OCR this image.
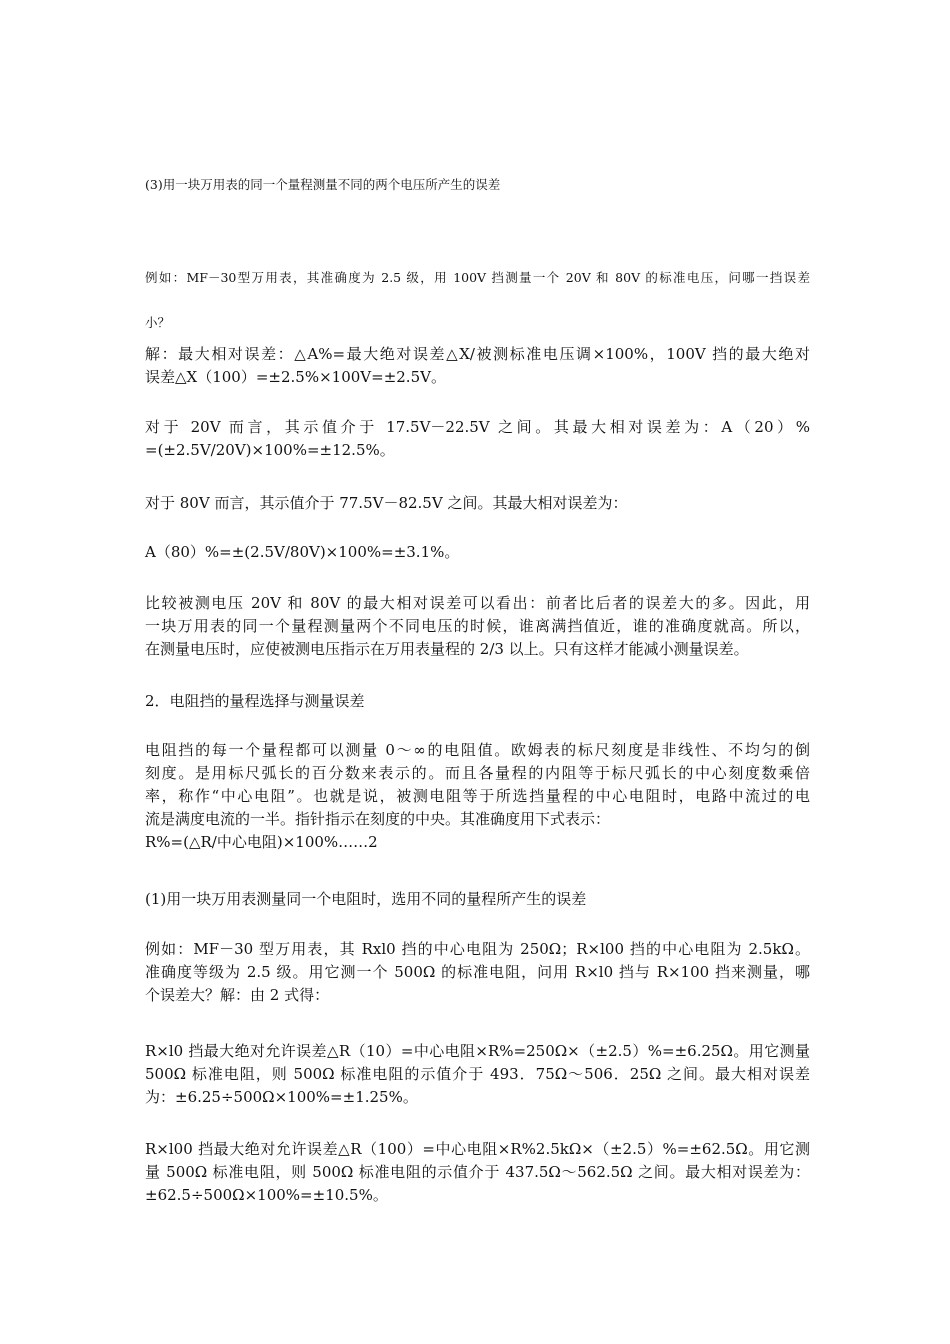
(3)用一块万用表的同一个量程测量不同的两个电压所产生的误差

例如：MF－30型万用表，其准确度为 2.5 级，用 100V 挡测量一个 20V 和 80V 的标准电压，问哪一挡误差
小？
解：最大相对误差：△A%=最大绝对误差△X/被测标准电压调×100%，100V 挡的最大绝对
误差△X（100）=±2.5%×100V=±2.5V。
对于 20V 而言，其示值介于 17.5V－22.5V 之间。其最大相对误差为：A（20）%
=(±2.5V/20V)×100%=±12.5%。

对于 80V 而言，其示值介于 77.5V－82.5V 之间。其最大相对误差为：

A（80）%=±(2.5V/80V)×100%=±3.1%。

比较被测电压 20V 和 80V 的最大相对误差可以看出：前者比后者的误差大的多。因此，用
一块万用表的同一个量程测量两个不同电压的时候，谁离满挡值近，谁的准确度就高。所以，
在测量电压时，应使被测电压指示在万用表量程的 2/3 以上。只有这样才能减小测量误差。

2．电阻挡的量程选择与测量误差

电阻挡的每一个量程都可以测量 0～∞的电阻值。欧姆表的标尺刻度是非线性、不均匀的倒
刻度。是用标尺弧长的百分数来表示的。而且各量程的内阻等于标尺弧长的中心刻度数乘倍
率，称作“中心电阻”。也就是说，被测电阻等于所选挡量程的中心电阻时，电路中流过的电
流是满度电流的一半。指针指示在刻度的中央。其准确度用下式表示：
R%=(△R/中心电阻)×100%……2

(1)用一块万用表测量同一个电阻时，选用不同的量程所产生的误差

例如：MF－30 型万用表，其 Rxl0 挡的中心电阻为 250Ω；R×l00 挡的中心电阻为 2.5kΩ。
准确度等级为 2.5 级。用它测一个 500Ω 的标准电阻，问用 R×l0 挡与 R×100 挡来测量，哪
个误差大？解：由 2 式得：
R×l0 挡最大绝对允许误差△R（10）=中心电阻×R%=250Ω×（±2.5）%=±6.25Ω。用它测量
500Ω 标准电阻，则 500Ω 标准电阻的示值介于 493．75Ω～506．25Ω 之间。最大相对误差
为：±6.25÷500Ω×100%=±1.25%。
R×l00 挡最大绝对允许误差△R（100）=中心电阻×R%2.5kΩ×（±2.5）%=±62.5Ω。用它测
量 500Ω 标准电阻，则 500Ω 标准电阻的示值介于 437.5Ω～562.5Ω 之间。最大相对误差为：
±62.5÷500Ω×100%=±10.5%。
